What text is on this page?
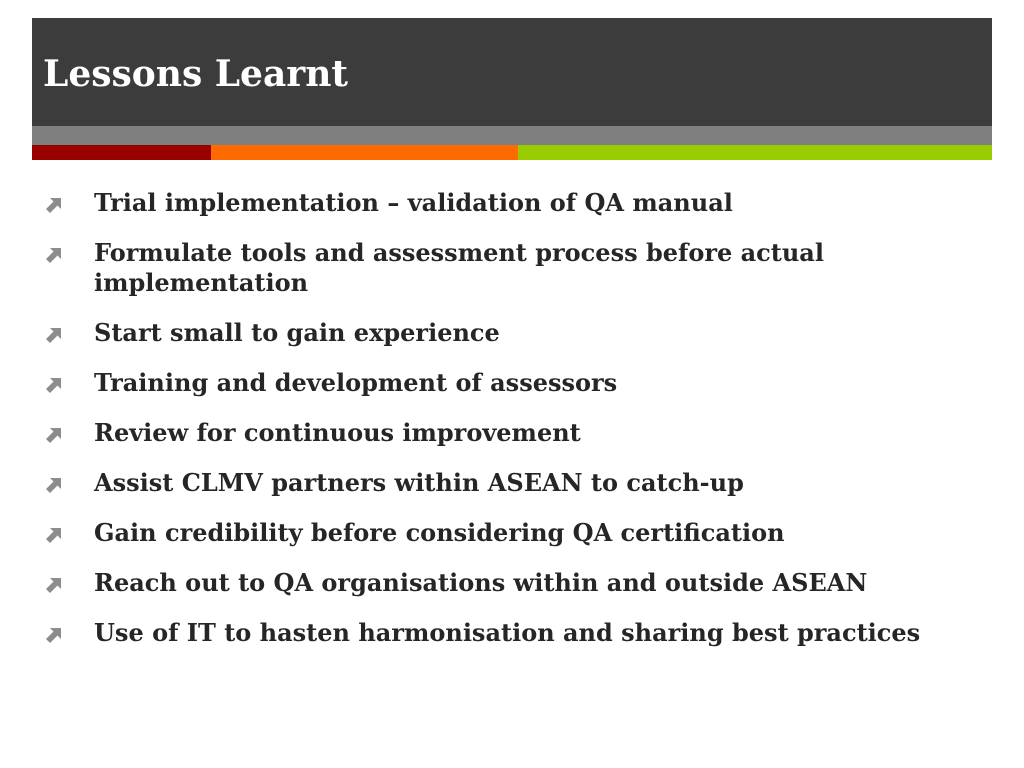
Lessons Learnt
Trial implementation – validation of QA manual
Formulate tools and assessment process before actual implementation
Start small to gain experience
Training and development of assessors
Review for continuous improvement
Assist CLMV partners within ASEAN to catch-up
Gain credibility before considering QA certification
Reach out to QA organisations within and outside ASEAN
Use of IT to hasten harmonisation and sharing best practices
